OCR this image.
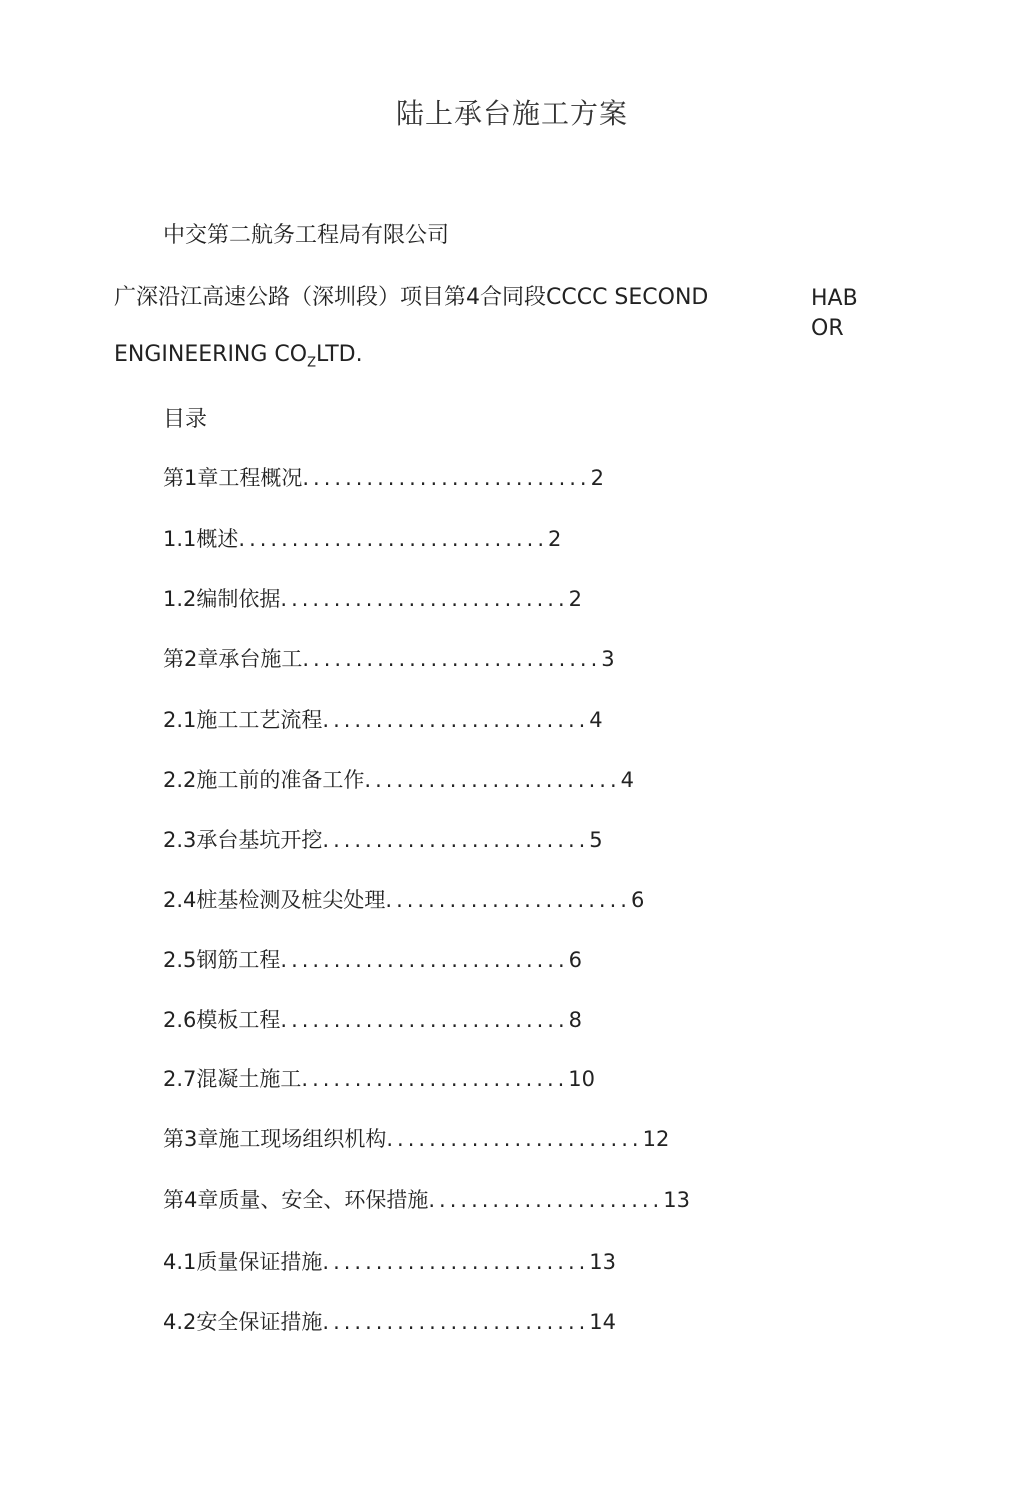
陆上承台施工方案
中交第二航务工程局有限公司
广深沿江高速公路（深圳段）项目第4合同段CCCC SECOND	HABOR
ENGINEERING $CO_ZLTD$.
目录
第1章工程概况 ........................... 2
1.1概述 ............................. 2
1.2编制依据 ........................... 2
第2章承台施工 ............................ 3
2.1施工工艺流程 ......................... 4
2.2施工前的准备工作 ........................ 4
2.3承台基坑开挖 ......................... 5
2.4桩基检测及桩尖处理 ....................... 6
2.5钢筋工程 ........................... 6
2.6模板工程 ........................... 8
2.7混凝土施工 ......................... 10
第3章施工现场组织机构 ........................ 12
第4章质量、安全、环保措施 ...................... 13
4.1质量保证措施 ......................... 13
4.2安全保证措施 ......................... 14
